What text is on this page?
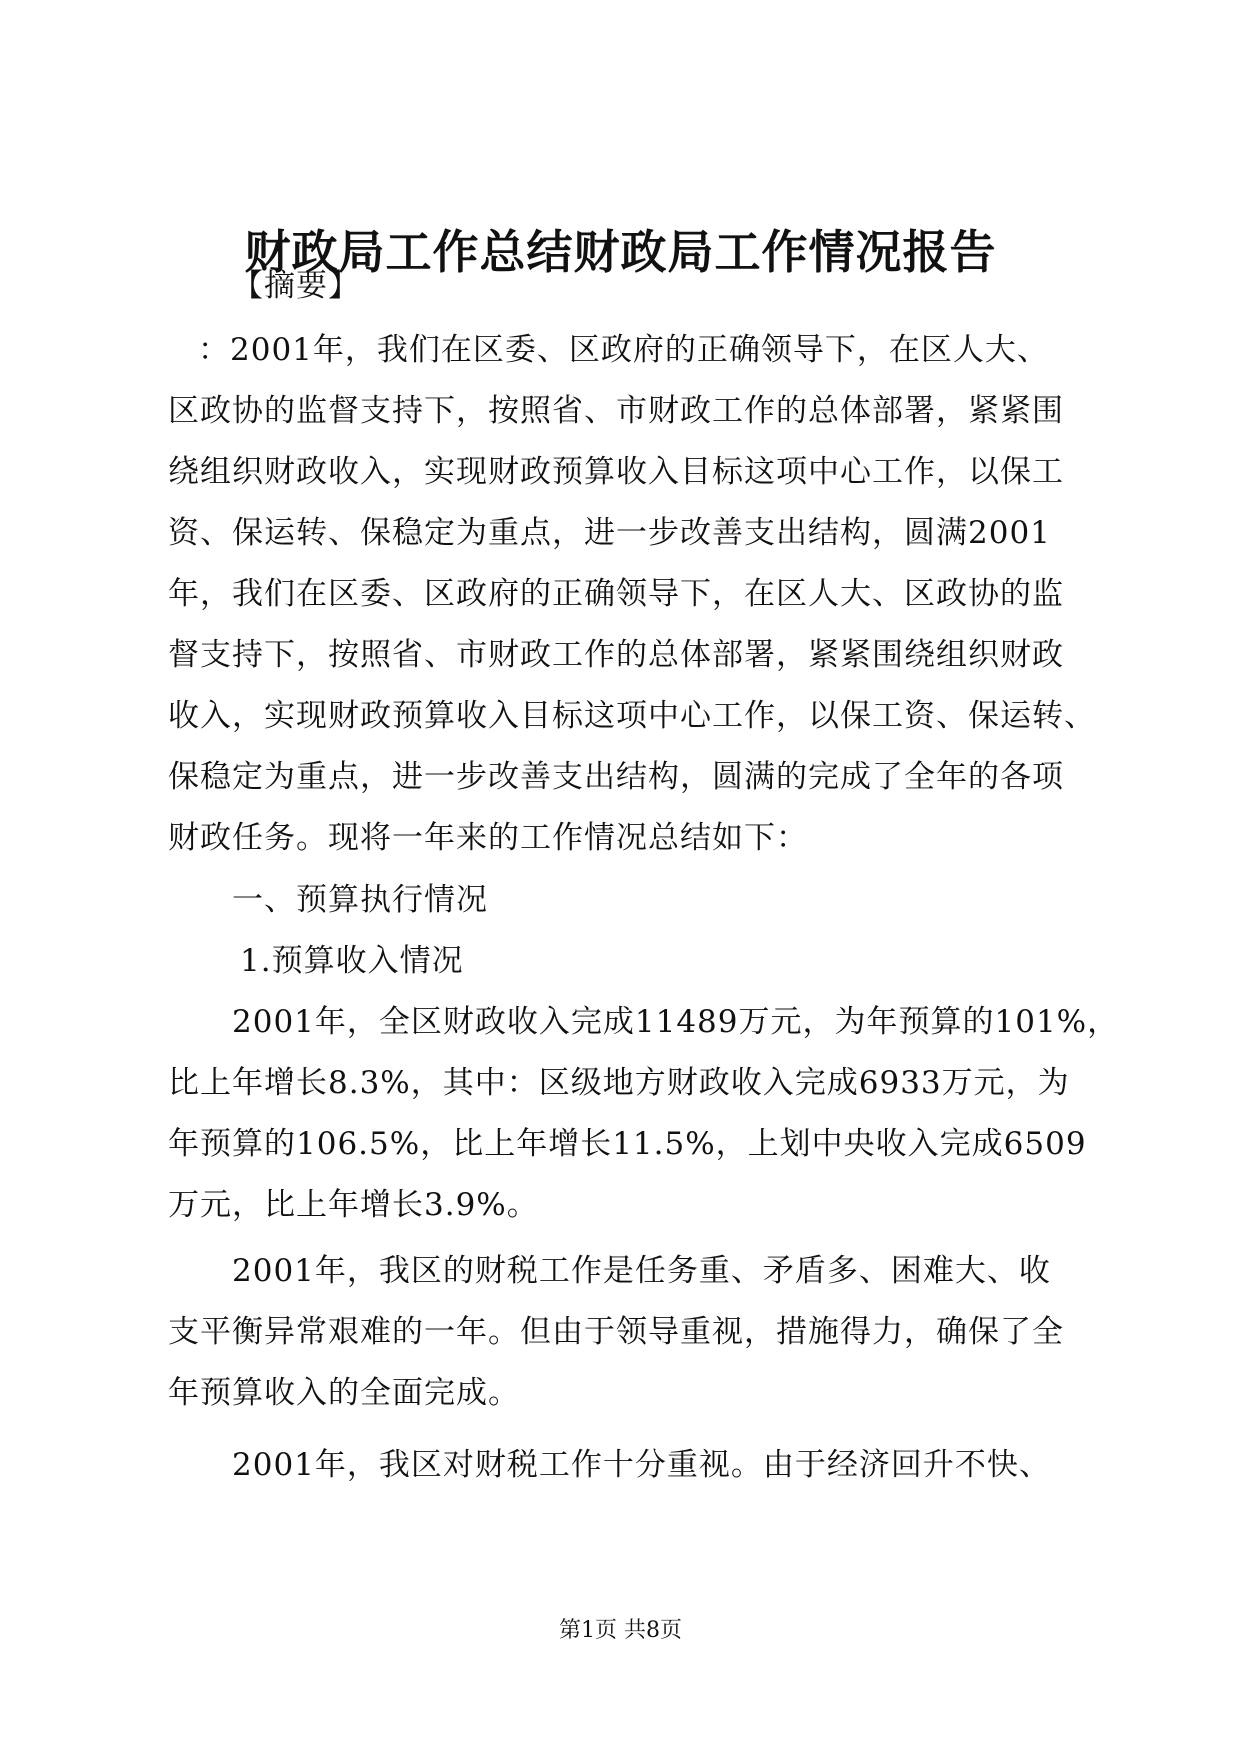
财政局工作总结财政局工作情况报告
【摘要】
：2001年，我们在区委、区政府的正确领导下，在区人大、
区政协的监督支持下，按照省、市财政工作的总体部署，紧紧围
绕组织财政收入，实现财政预算收入目标这项中心工作，以保工
资、保运转、保稳定为重点，进一步改善支出结构，圆满2001
年，我们在区委、区政府的正确领导下，在区人大、区政协的监
督支持下，按照省、市财政工作的总体部署，紧紧围绕组织财政
收入，实现财政预算收入目标这项中心工作，以保工资、保运转、
保稳定为重点，进一步改善支出结构，圆满的完成了全年的各项
财政任务。现将一年来的工作情况总结如下：
一、预算执行情况
1.预算收入情况
2001年，全区财政收入完成11489万元，为年预算的101%，
比上年增长8.3%，其中：区级地方财政收入完成6933万元，为
年预算的106.5%，比上年增长11.5%，上划中央收入完成6509
万元，比上年增长3.9%。
2001年，我区的财税工作是任务重、矛盾多、困难大、收
支平衡异常艰难的一年。但由于领导重视，措施得力，确保了全
年预算收入的全面完成。
2001年，我区对财税工作十分重视。由于经济回升不快、
第1页 共8页
